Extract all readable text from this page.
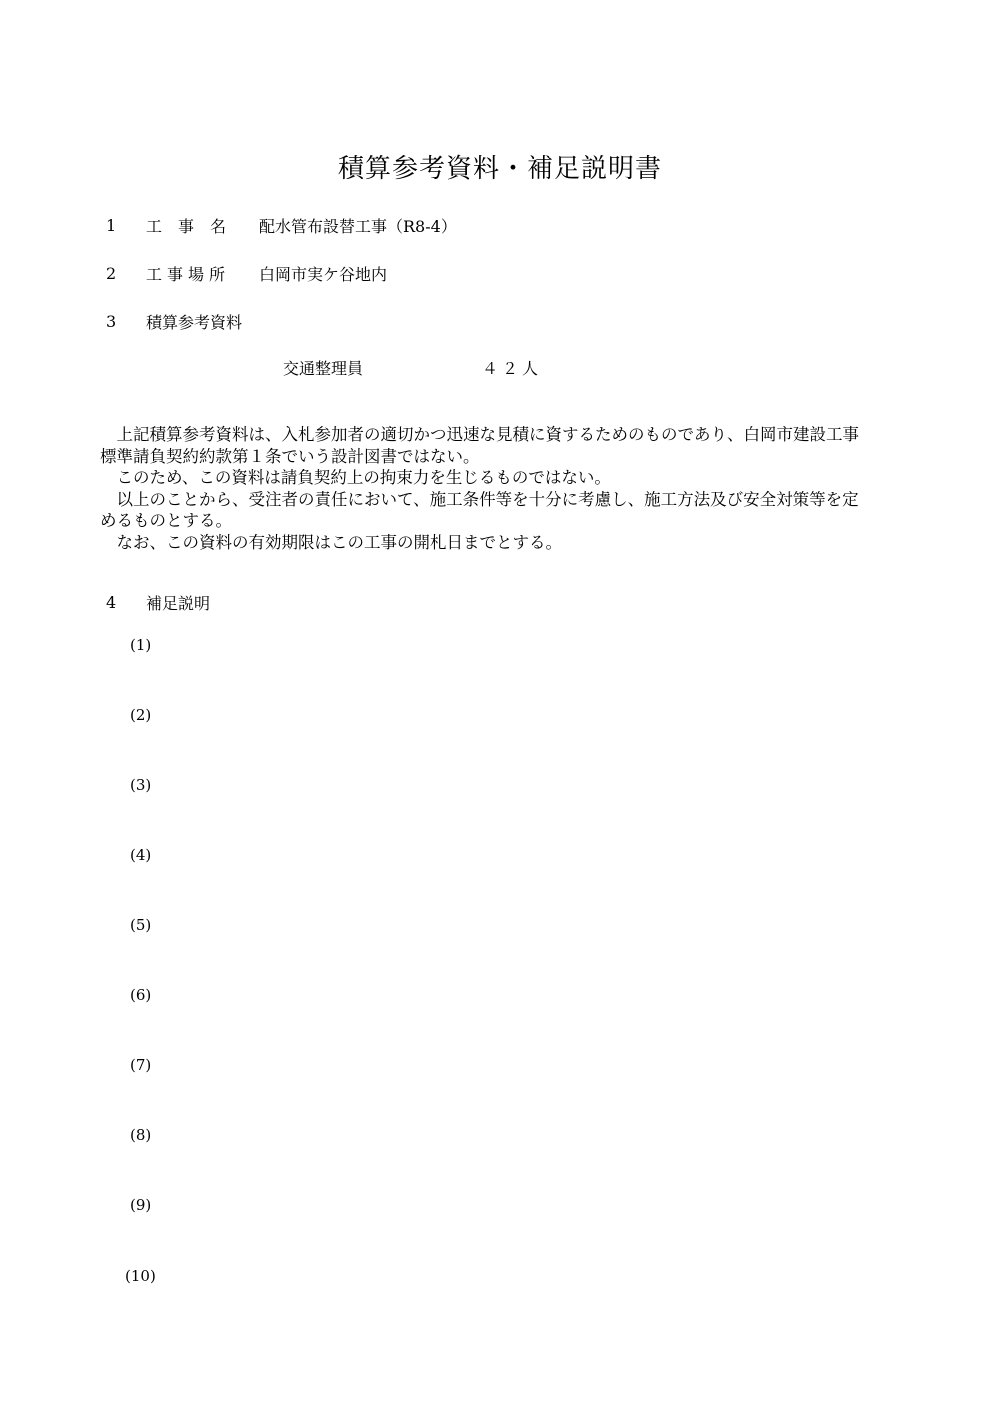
積算参考資料・補足説明書
1 工　事　名 配水管布設替工事（R8-4）
2 工事場所 白岡市実ケ谷地内
3 積算参考資料
交通整理員	４２人

　上記積算参考資料は、入札参加者の適切かつ迅速な見積に資するためのものであり、白岡市建設工事標準請負契約約款第１条でいう設計図書ではない。

　このため、この資料は請負契約上の拘束力を生じるものではない。

　以上のことから、受注者の責任において、施工条件等を十分に考慮し、施工方法及び安全対策等を定めるものとする。

　なお、この資料の有効期限はこの工事の開札日までとする。

4 補足説明
(1)
(2)
(3)
(4)
(5)
(6)
(7)
(8)
(9)
(10)
